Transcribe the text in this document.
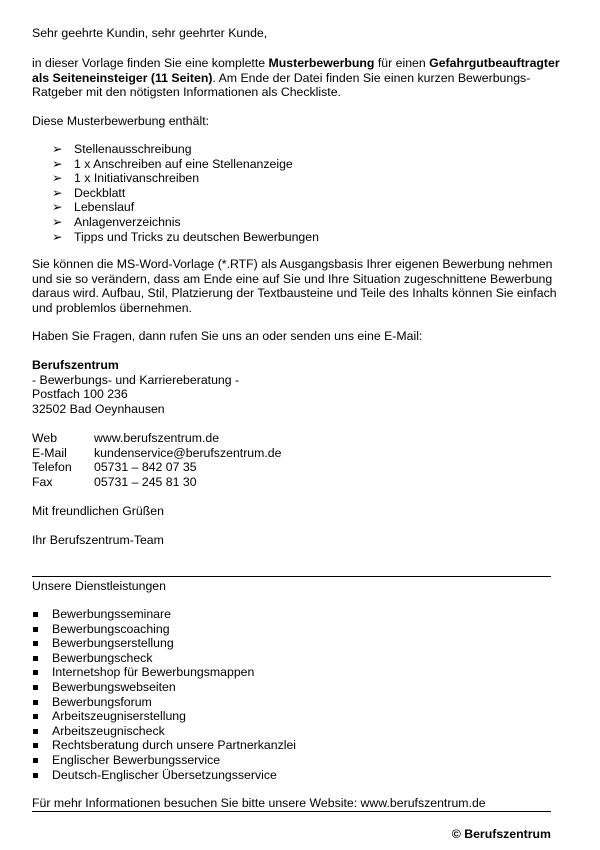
Sehr geehrte Kundin, sehr geehrter Kunde,

in dieser Vorlage finden Sie eine komplette Musterbewerbung für einen Gefahrgutbeauftragter als Seiteneinsteiger (11 Seiten). Am Ende der Datei finden Sie einen kurzen Bewerbungs-Ratgeber mit den nötigsten Informationen als Checkliste.

Diese Musterbewerbung enthält:

➢ Stellenausschreibung
➢ 1 x Anschreiben auf eine Stellenanzeige
➢ 1 x Initiativanschreiben
➢ Deckblatt
➢ Lebenslauf
➢ Anlagenverzeichnis
➢ Tipps und Tricks zu deutschen Bewerbungen

Sie können die MS-Word-Vorlage (*.RTF) als Ausgangsbasis Ihrer eigenen Bewerbung nehmen und sie so verändern, dass am Ende eine auf Sie und Ihre Situation zugeschnittene Bewerbung daraus wird. Aufbau, Stil, Platzierung der Textbausteine und Teile des Inhalts können Sie einfach und problemlos übernehmen.

Haben Sie Fragen, dann rufen Sie uns an oder senden uns eine E-Mail:

Berufszentrum
- Bewerbungs- und Karriereberatung -
Postfach 100 236
32502 Bad Oeynhausen
Web	www.berufszentrum.de
E-Mail	kundenservice@berufszentrum.de
Telefon	05731 – 842 07 35
Fax	05731 – 245 81 30

Mit freundlichen Grüßen

Ihr Berufszentrum-Team

Unsere Dienstleistungen

Bewerbungsseminare
Bewerbungscoaching
Bewerbungserstellung
Bewerbungscheck
Internetshop für Bewerbungsmappen
Bewerbungswebseiten
Bewerbungsforum
Arbeitszeugniserstellung
Arbeitszeugnischeck
Rechtsberatung durch unsere Partnerkanzlei
Englischer Bewerbungsservice
Deutsch-Englischer Übersetzungsservice

Für mehr Informationen besuchen Sie bitte unsere Website: www.berufszentrum.de

© Berufszentrum
